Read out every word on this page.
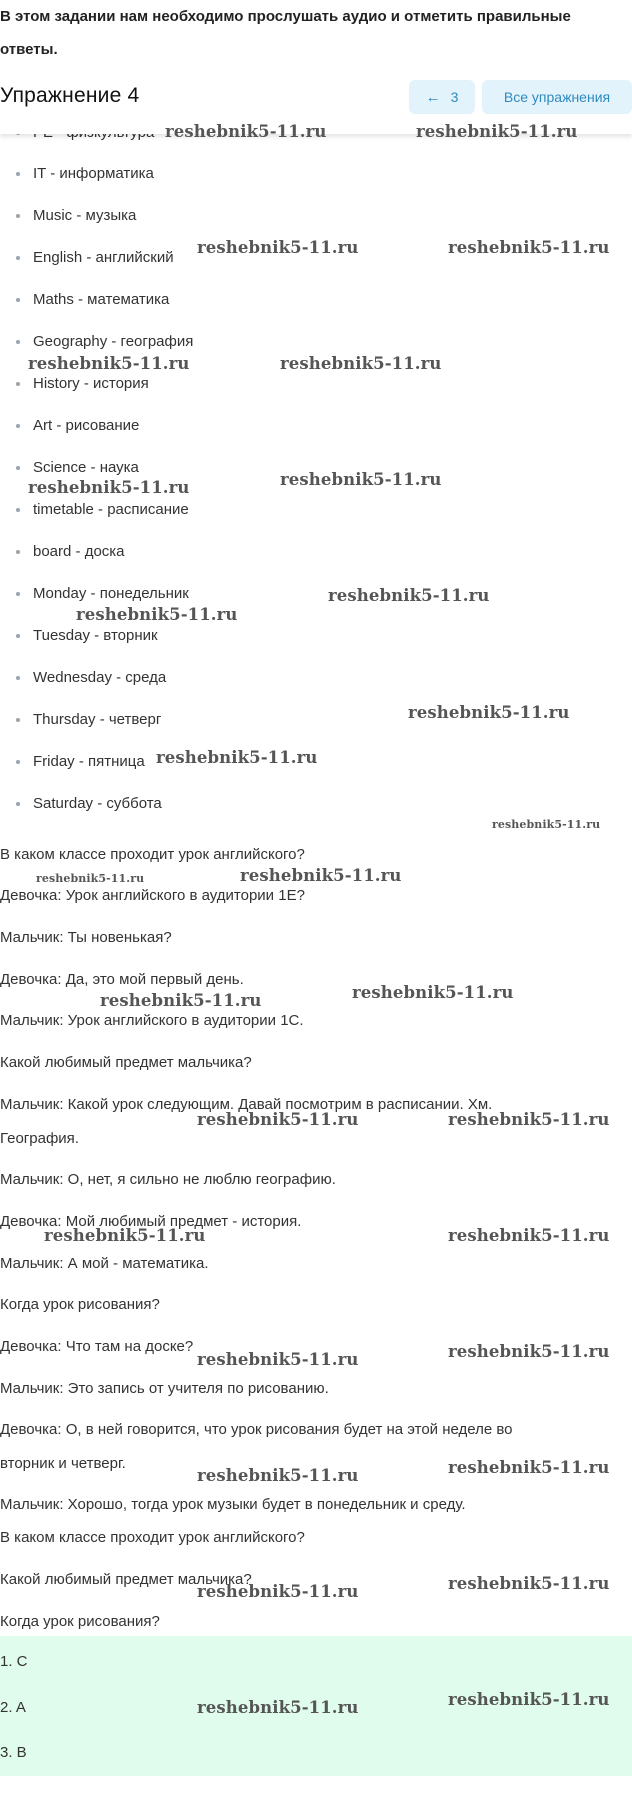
В этом задании нам необходимо прослушать аудио и отметить правильные
ответы.
Упражнение 4	← 3	Все упражнения
IT - информатика
Music - музыка
English - английский
Maths - математика
Geography - география
History - история
Art - рисование
Science - наука
timetable - расписание
board - доска
Monday - понедельник
Tuesday - вторник
Wednesday - среда
Thursday - четверг
Friday - пятница
Saturday - суббота
В каком классе проходит урок английского?
Девочка: Урок английского в аудитории 1E?
Мальчик: Ты новенькая?
Девочка: Да, это мой первый день.
Мальчик: Урок английского в аудитории 1С.
Какой любимый предмет мальчика?
Мальчик: Какой урок следующим. Давай посмотрим в расписании. Хм.
География.
Мальчик: О, нет, я сильно не люблю географию.
Девочка: Мой любимый предмет - история.
Мальчик: А мой - математика.
Когда урок рисования?
Девочка: Что там на доске?
Мальчик: Это запись от учителя по рисованию.
Девочка: О, в ней говорится, что урок рисования будет на этой неделе во
вторник и четверг.
Мальчик: Хорошо, тогда урок музыки будет в понедельник и среду.
В каком классе проходит урок английского?
Какой любимый предмет мальчика?
Когда урок рисования?
1. C
2. A
3. B
reshebnik5-11.ru	reshebnik5-11.ru
reshebnik5-11.ru	reshebnik5-11.ru
reshebnik5-11.ru	reshebnik5-11.ru
reshebnik5-11.ru
reshebnik5-11.ru
reshebnik5-11.ru
reshebnik5-11.ru
reshebnik5-11.ru
reshebnik5-11.ru
reshebnik5-11.ru
reshebnik5-11.ru	reshebnik5-11.ru
reshebnik5-11.ru
reshebnik5-11.ru
reshebnik5-11.ru	reshebnik5-11.ru
reshebnik5-11.ru	reshebnik5-11.ru
reshebnik5-11.ru
reshebnik5-11.ru
reshebnik5-11.ru
reshebnik5-11.ru
reshebnik5-11.ru
reshebnik5-11.ru
reshebnik5-11.ru
reshebnik5-11.ru
